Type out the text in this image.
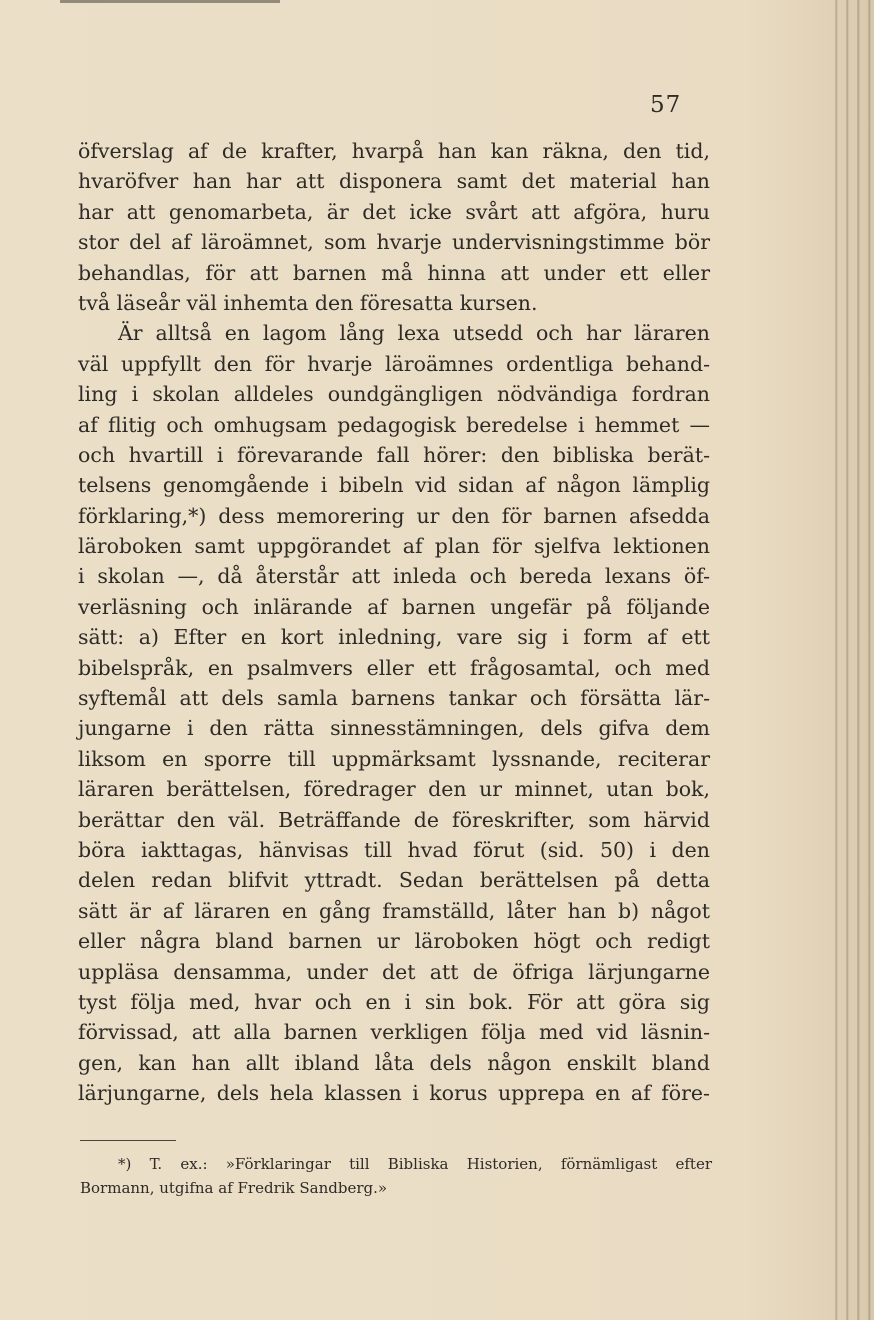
57
öfverslag af de krafter, hvarpå han kan räkna, den tid,
hvaröfver han har att disponera samt det material han
har att genomarbeta, är det icke svårt att afgöra, huru
stor del af läroämnet, som hvarje undervisningstimme bör
behandlas, för att barnen må hinna att under ett eller
två läseår väl inhemta den föresatta kursen.
Är alltså en lagom lång lexa utsedd och har läraren
väl uppfyllt den för hvarje läroämnes ordentliga behand-
ling i skolan alldeles oundgängligen nödvändiga fordran
af flitig och omhugsam pedagogisk beredelse i hemmet —
och hvartill i förevarande fall hörer: den bibliska berät-
telsens genomgående i bibeln vid sidan af någon lämplig
förklaring,*) dess memorering ur den för barnen afsedda
läroboken samt uppgörandet af plan för sjelfva lektionen
i skolan —, då återstår att inleda och bereda lexans öf-
verläsning och inlärande af barnen ungefär på följande
sätt: a) Efter en kort inledning, vare sig i form af ett
bibelspråk, en psalmvers eller ett frågosamtal, och med
syftemål att dels samla barnens tankar och försätta lär-
jungarne i den rätta sinnesstämningen, dels gifva dem
liksom en sporre till uppmärksamt lyssnande, reciterar
läraren berättelsen, föredrager den ur minnet, utan bok,
berättar den väl. Beträffande de föreskrifter, som härvid
böra iakttagas, hänvisas till hvad förut (sid. 50) i den
delen redan blifvit yttradt. Sedan berättelsen på detta
sätt är af läraren en gång framställd, låter han b) något
eller några bland barnen ur läroboken högt och redigt
uppläsa densamma, under det att de öfriga lärjungarne
tyst följa med, hvar och en i sin bok. För att göra sig
förvissad, att alla barnen verkligen följa med vid läsnin-
gen, kan han allt ibland låta dels någon enskilt bland
lärjungarne, dels hela klassen i korus upprepa en af före-
*) T. ex.: »Förklaringar till Bibliska Historien, förnämligast efter
Bormann, utgifna af Fredrik Sandberg.»
